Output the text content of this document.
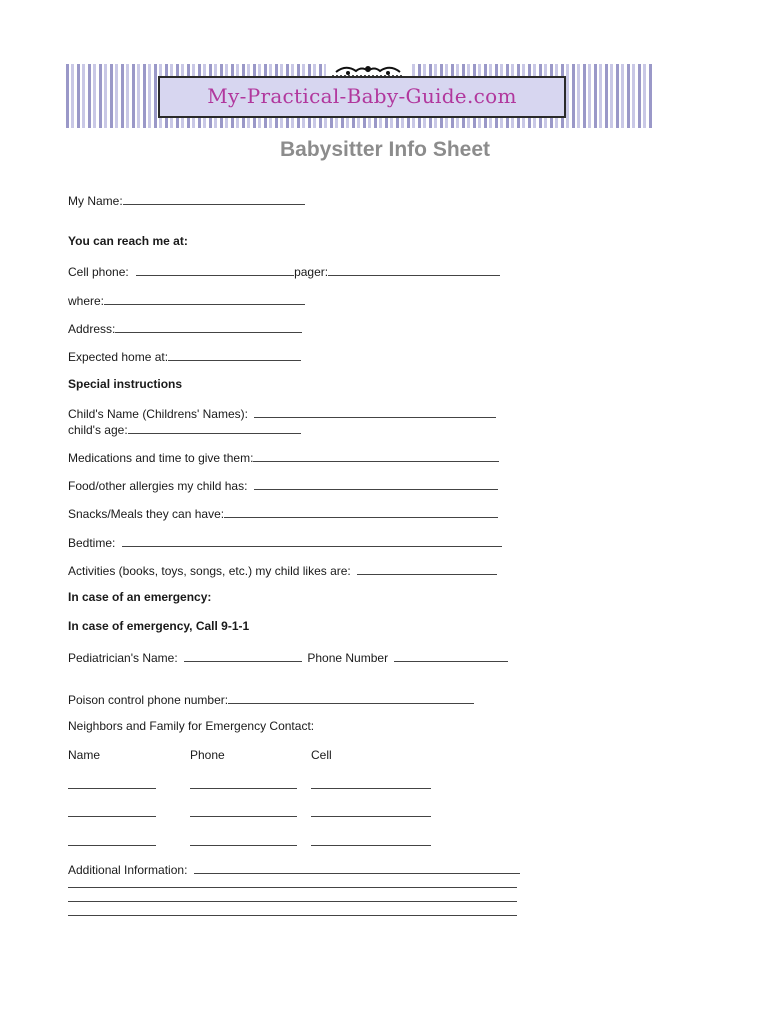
My-Practical-Baby-Guide.com
Babysitter Info Sheet
My Name:
You can reach me at:
Cell phone:	pager:
where:
Address:
Expected home at:
Special instructions
Child's Name (Childrens' Names):
child's age:
Medications and time to give them:
Food/other allergies my child has:
Snacks/Meals they can have:
Bedtime:
Activities (books, toys, songs, etc.) my child likes are:
In case of an emergency:
In case of emergency, Call 9-1-1
Pediatrician's Name:	Phone Number
Poison control phone number:
Neighbors and Family for Emergency Contact:
Name	Phone	Cell
Additional Information:
